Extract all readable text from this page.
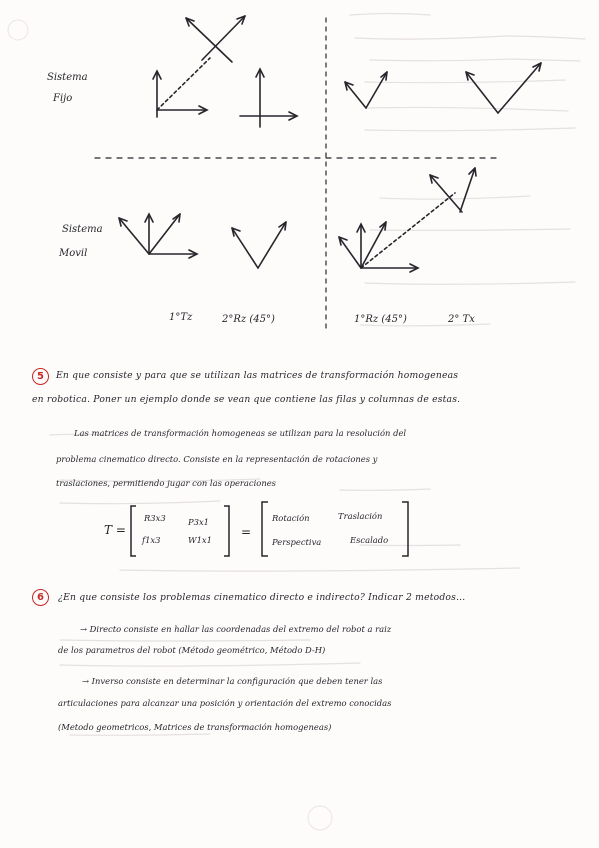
Sistema
Fijo
Sistema
Movil
1°Tz	2°Rz (45°)	1°Rz (45°)	2° Tx
5	En que consiste y para que se utilizan las matrices de transformación homogeneas
en robotica. Poner un ejemplo donde se vean que contiene las filas y columnas de estas.
Las matrices de transformación homogeneas se utilizan para la resolución del
problema cinematico directo. Consiste en la representación de rotaciones y
traslaciones, permitiendo jugar con las operaciones
T =
R3x3	P3x1
f1x3	W1x1
=
Rotación	Traslación
Perspectiva	Escalado
6	¿En que consiste los problemas cinematico directo e indirecto? Indicar 2 metodos...
→ Directo consiste en hallar las coordenadas del extremo del robot a raiz
de los parametros del robot (Método geométrico, Método D-H)
→ Inverso consiste en determinar la configuración que deben tener las
articulaciones para alcanzar una posición y orientación del extremo conocidas
(Metodo geometricos, Matrices de transformación homogeneas)
